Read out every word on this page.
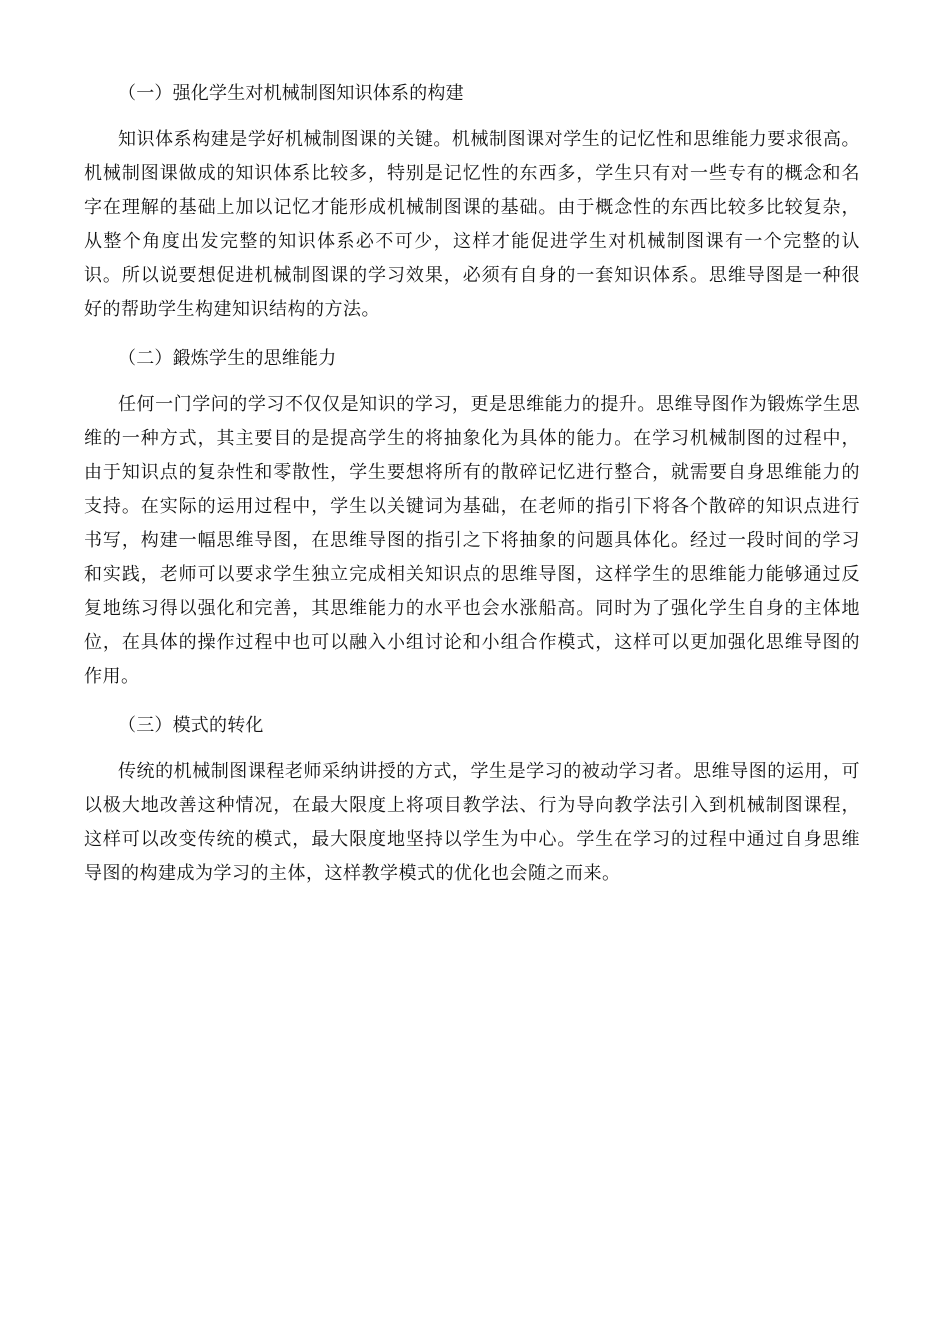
（一）强化学生对机械制图知识体系的构建

知识体系构建是学好机械制图课的关键。机械制图课对学生的记忆性和思维能力要求很高。机械制图课做成的知识体系比较多，特别是记忆性的东西多，学生只有对一些专有的概念和名字在理解的基础上加以记忆才能形成机械制图课的基础。由于概念性的东西比较多比较复杂，从整个角度出发完整的知识体系必不可少，这样才能促进学生对机械制图课有一个完整的认识。所以说要想促进机械制图课的学习效果，必须有自身的一套知识体系。思维导图是一种很好的帮助学生构建知识结构的方法。

（二）鍛炼学生的思维能力

任何一门学问的学习不仅仅是知识的学习，更是思维能力的提升。思维导图作为锻炼学生思维的一种方式，其主要目的是提高学生的将抽象化为具体的能力。在学习机械制图的过程中，由于知识点的复杂性和零散性，学生要想将所有的散碎记忆进行整合，就需要自身思维能力的支持。在实际的运用过程中，学生以关键词为基础，在老师的指引下将各个散碎的知识点进行书写，构建一幅思维导图，在思维导图的指引之下将抽象的问题具体化。经过一段时间的学习和实践，老师可以要求学生独立完成相关知识点的思维导图，这样学生的思维能力能够通过反复地练习得以强化和完善，其思维能力的水平也会水涨船高。同时为了强化学生自身的主体地位，在具体的操作过程中也可以融入小组讨论和小组合作模式，这样可以更加强化思维导图的作用。

（三）模式的转化

传统的机械制图课程老师采纳讲授的方式，学生是学习的被动学习者。思维导图的运用，可以极大地改善这种情况，在最大限度上将项目教学法、行为导向教学法引入到机械制图课程，这样可以改变传统的模式，最大限度地坚持以学生为中心。学生在学习的过程中通过自身思维导图的构建成为学习的主体，这样教学模式的优化也会随之而来。
